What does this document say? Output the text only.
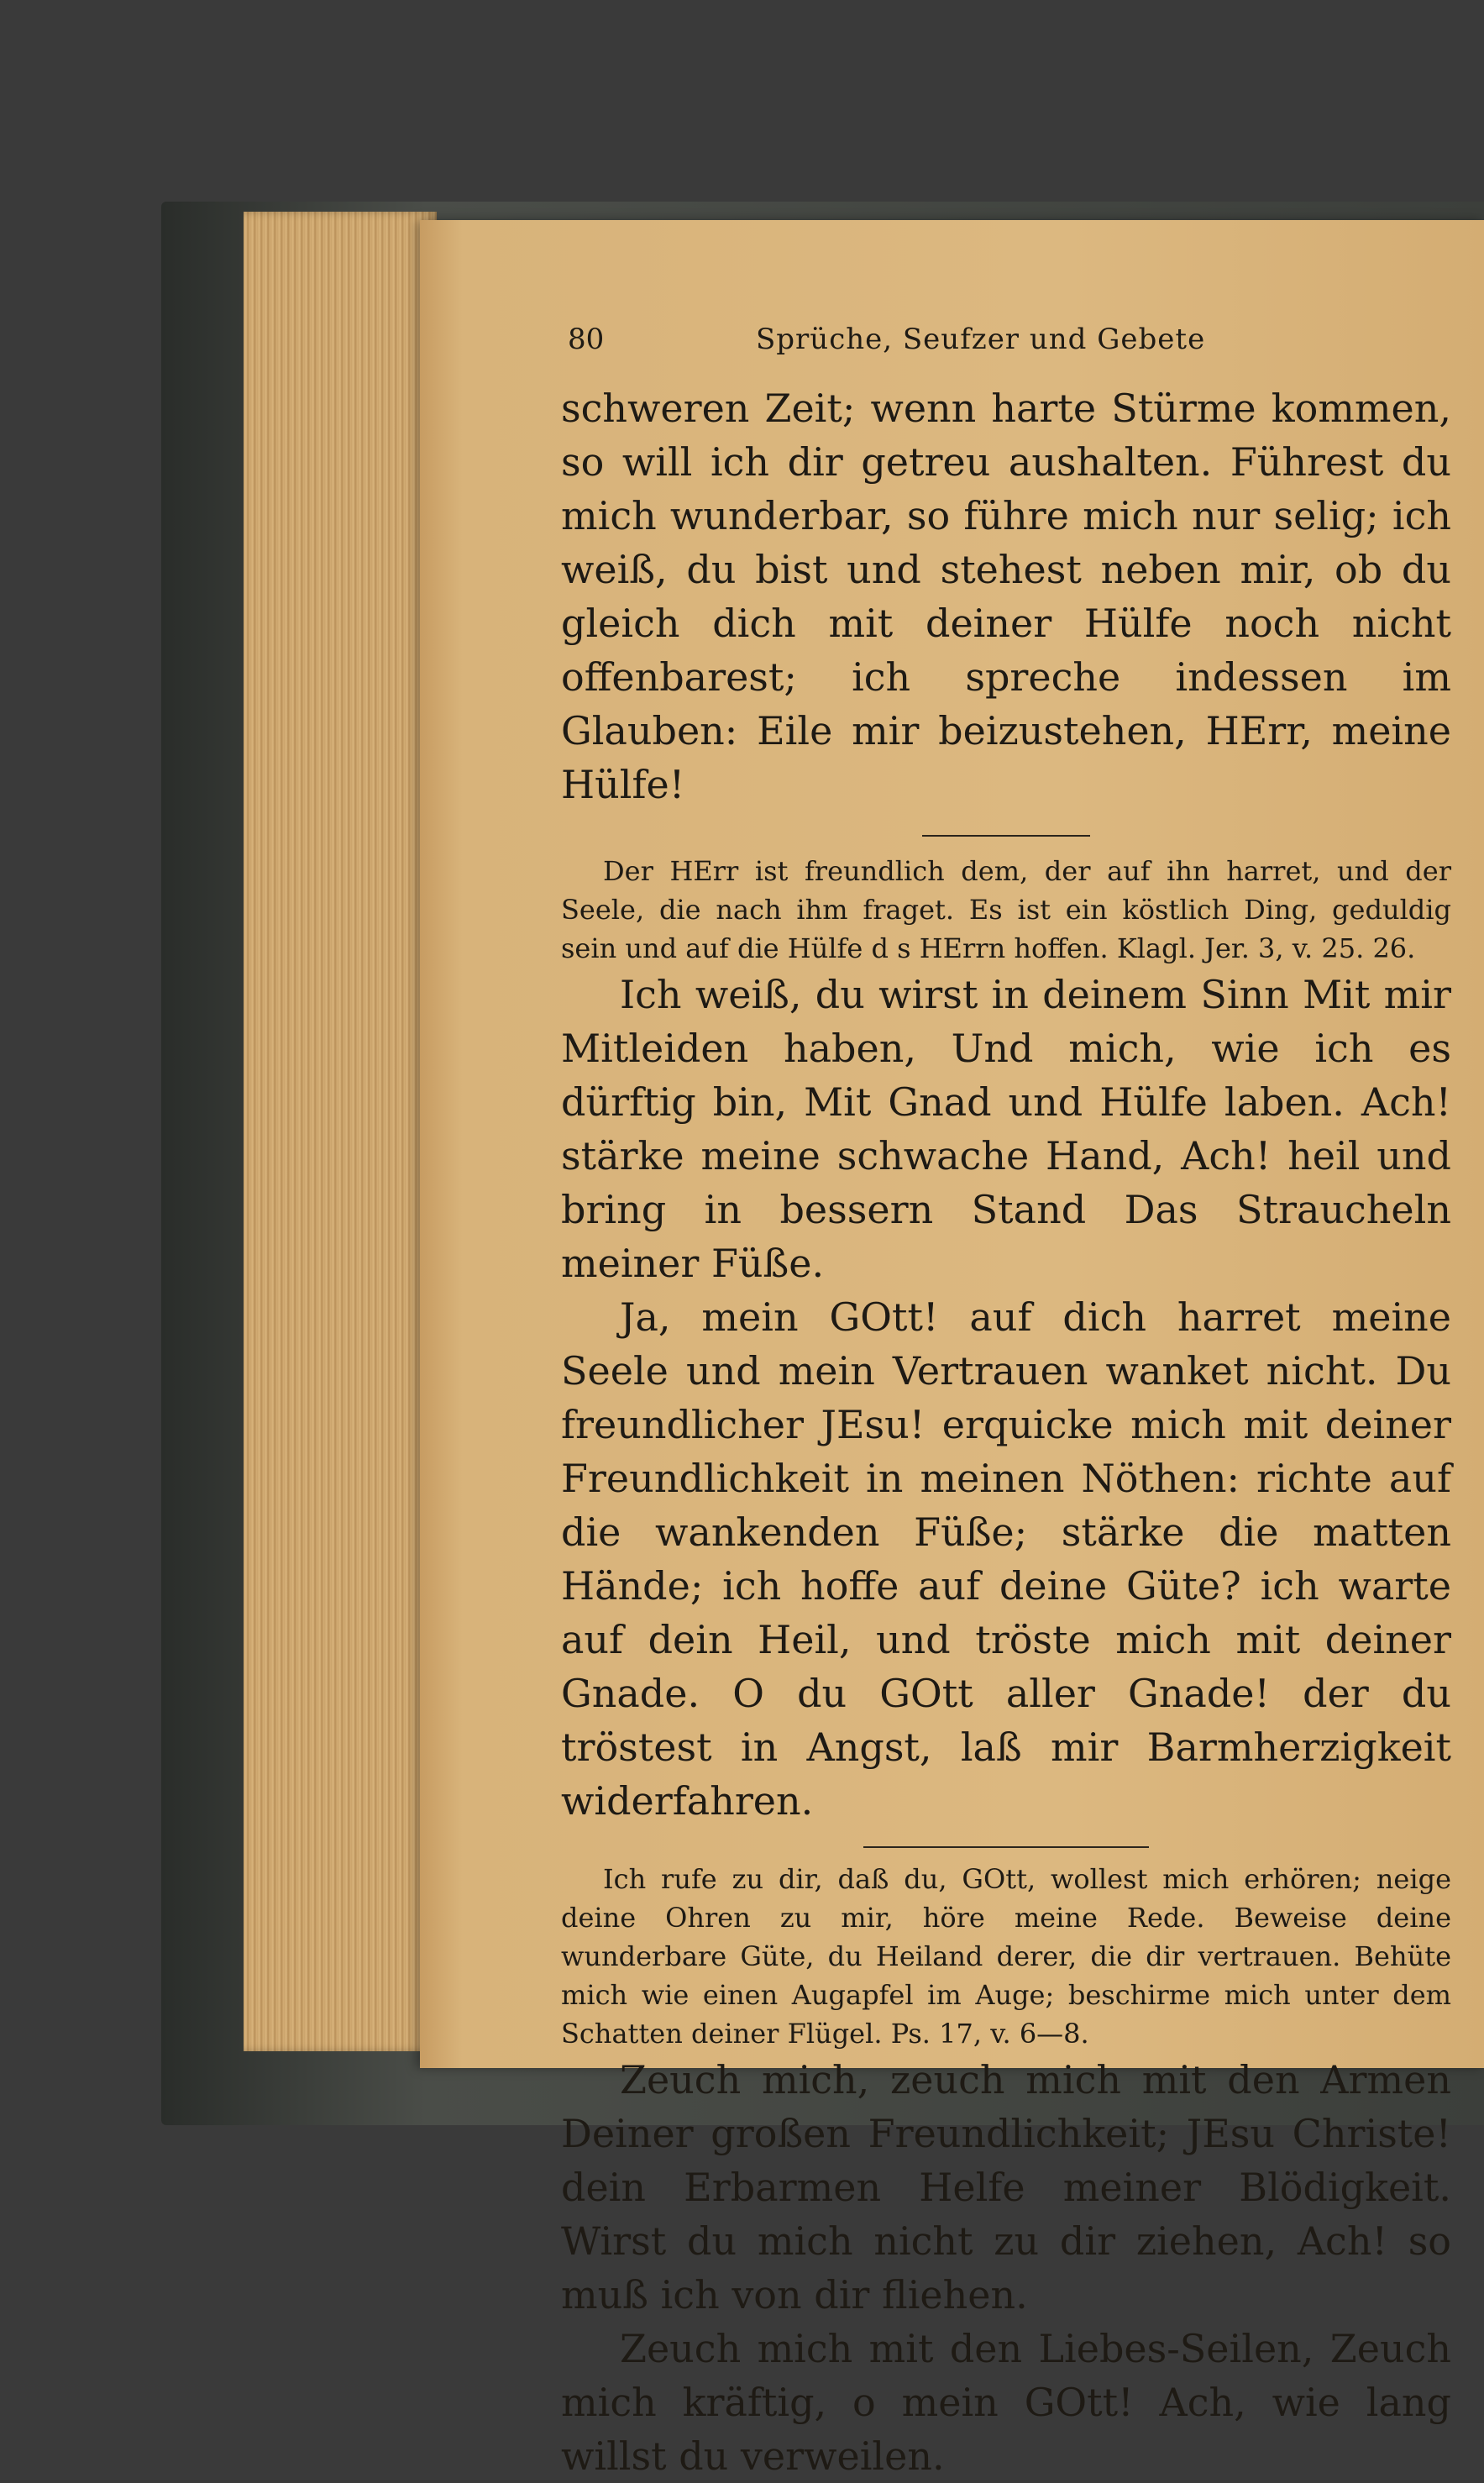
80	Sprüche, Seufzer und Gebete

schweren Zeit; wenn harte Stürme kommen, so will ich dir getreu aushalten. Führest du mich wunderbar, so führe mich nur selig; ich weiß, du bist und stehest neben mir, ob du gleich dich mit deiner Hülfe noch nicht offenbarest; ich spreche indessen im Glauben: Eile mir beizustehen, HErr, meine Hülfe!

Der HErr ist freundlich dem, der auf ihn harret, und der Seele, die nach ihm fraget. Es ist ein köstlich Ding, geduldig sein und auf die Hülfe d s HErrn hoffen. Klagl. Jer. 3, v. 25. 26.

Ich weiß, du wirst in deinem Sinn Mit mir Mitleiden haben, Und mich, wie ich es dürftig bin, Mit Gnad und Hülfe laben. Ach! stärke meine schwache Hand, Ach! heil und bring in bessern Stand Das Straucheln meiner Füße.

Ja, mein GOtt! auf dich harret meine Seele und mein Vertrauen wanket nicht. Du freundlicher JEsu! erquicke mich mit deiner Freundlichkeit in meinen Nöthen: richte auf die wankenden Füße; stärke die matten Hände; ich hoffe auf deine Güte? ich warte auf dein Heil, und tröste mich mit deiner Gnade. O du GOtt aller Gnade! der du tröstest in Angst, laß mir Barmherzigkeit widerfahren.

Ich rufe zu dir, daß du, GOtt, wollest mich erhören; neige deine Ohren zu mir, höre meine Rede. Beweise deine wunderbare Güte, du Heiland derer, die dir vertrauen. Behüte mich wie einen Augapfel im Auge; beschirme mich unter dem Schatten deiner Flügel. Ps. 17, v. 6—8.

Zeuch mich, zeuch mich mit den Armen Deiner großen Freundlichkeit; JEsu Christe! dein Erbarmen Helfe meiner Blödigkeit. Wirst du mich nicht zu dir ziehen, Ach! so muß ich von dir fliehen.

Zeuch mich mit den Liebes-Seilen, Zeuch mich kräftig, o mein GOtt! Ach, wie lang willst du verweilen.
